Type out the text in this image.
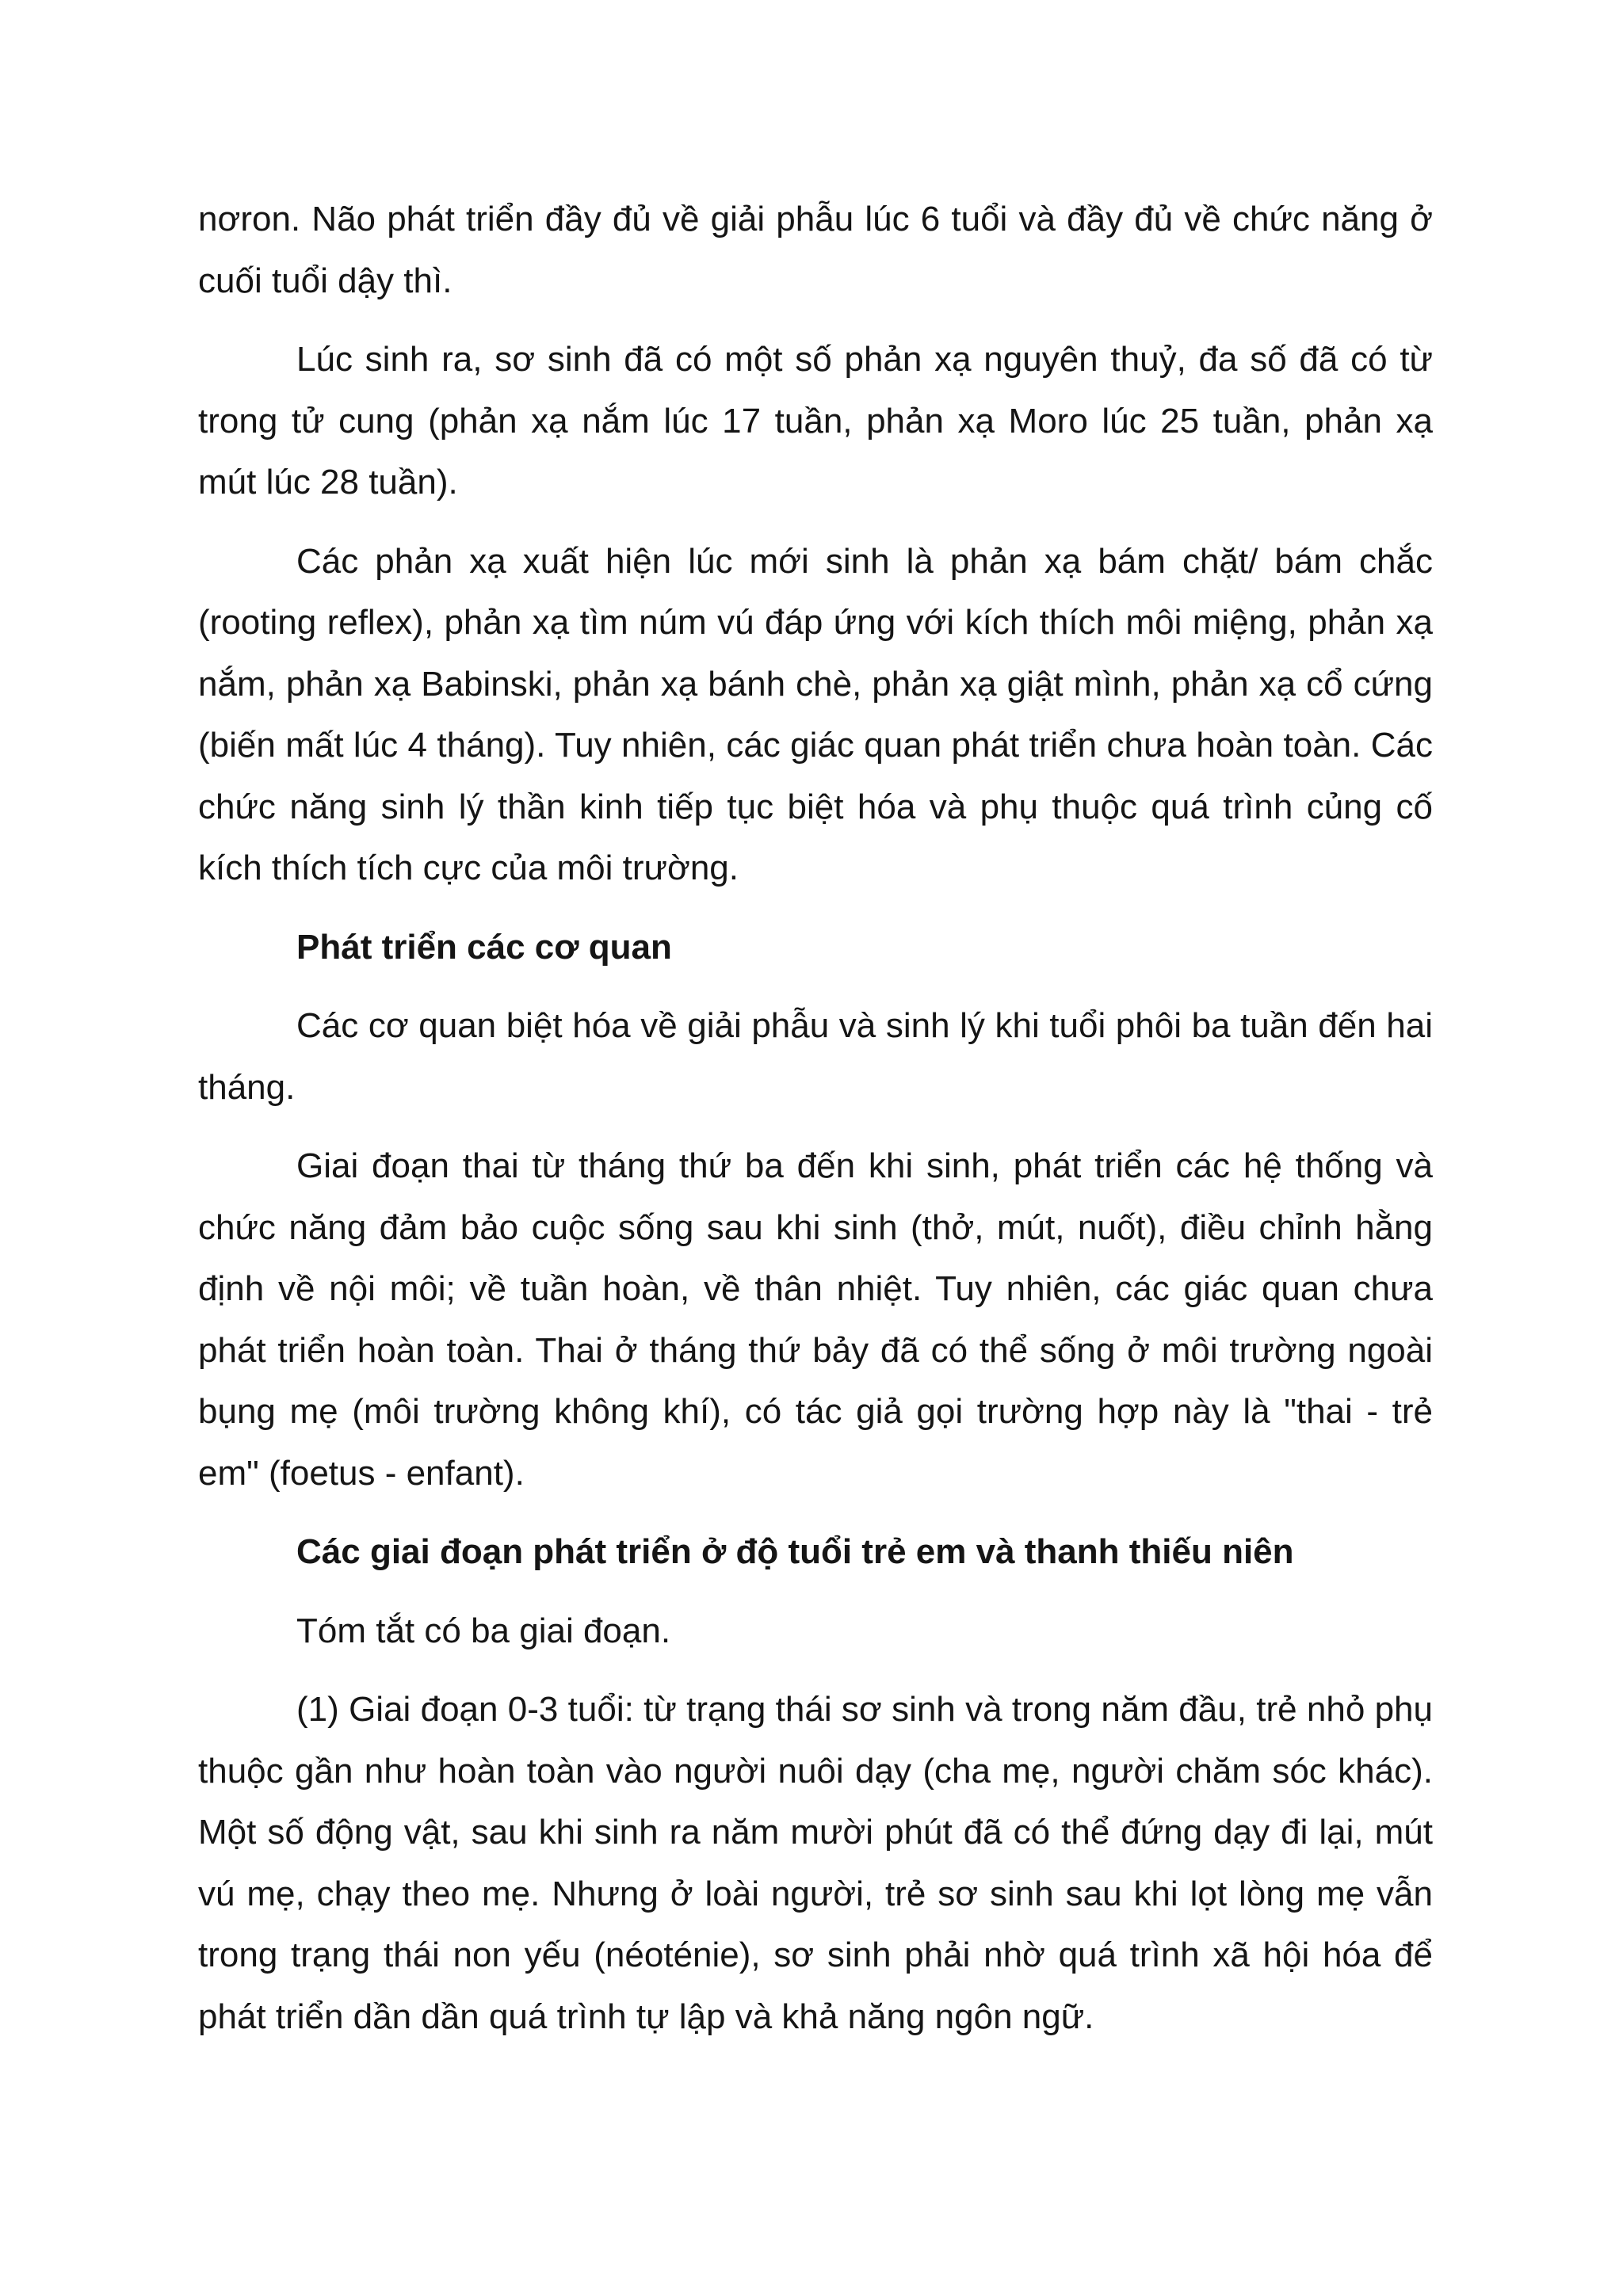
nơron. Não phát triển đầy đủ về giải phẫu lúc 6 tuổi và đầy đủ về chức năng ở cuối tuổi dậy thì.

Lúc sinh ra, sơ sinh đã có một số phản xạ nguyên thuỷ, đa số đã có từ trong tử cung (phản xạ nắm lúc 17 tuần, phản xạ Moro lúc 25 tuần, phản xạ mút lúc 28 tuần).

Các phản xạ xuất hiện lúc mới sinh là phản xạ bám chặt/ bám chắc (rooting reflex), phản xạ tìm núm vú đáp ứng với kích thích môi miệng, phản xạ nắm, phản xạ Babinski, phản xạ bánh chè, phản xạ giật mình, phản xạ cổ cứng (biến mất lúc 4 tháng). Tuy nhiên, các giác quan phát triển chưa hoàn toàn. Các chức năng sinh lý thần kinh tiếp tục biệt hóa và phụ thuộc quá trình củng cố kích thích tích cực của môi trường.

Phát triển các cơ quan

Các cơ quan biệt hóa về giải phẫu và sinh lý khi tuổi phôi ba tuần đến hai tháng.

Giai đoạn thai từ tháng thứ ba đến khi sinh, phát triển các hệ thống và chức năng đảm bảo cuộc sống sau khi sinh (thở, mút, nuốt), điều chỉnh hằng định về nội môi; về tuần hoàn, về thân nhiệt. Tuy nhiên, các giác quan chưa phát triển hoàn toàn. Thai ở tháng thứ bảy đã có thể sống ở môi trường ngoài bụng mẹ (môi trường không khí), có tác giả gọi trường hợp này là "thai - trẻ em" (foetus - enfant).

Các giai đoạn phát triển ở độ tuổi trẻ em và thanh thiếu niên

Tóm tắt có ba giai đoạn.

(1) Giai đoạn 0-3 tuổi: từ trạng thái sơ sinh và trong năm đầu, trẻ nhỏ phụ thuộc gần như hoàn toàn vào người nuôi dạy (cha mẹ, người chăm sóc khác). Một số động vật, sau khi sinh ra năm mười phút đã có thể đứng dạy đi lại, mút vú mẹ, chạy theo mẹ. Nhưng ở loài người, trẻ sơ sinh sau khi lọt lòng mẹ vẫn trong trạng thái non yếu (néoténie), sơ sinh phải nhờ quá trình xã hội hóa để phát triển dần dần quá trình tự lập và khả năng ngôn ngữ.
